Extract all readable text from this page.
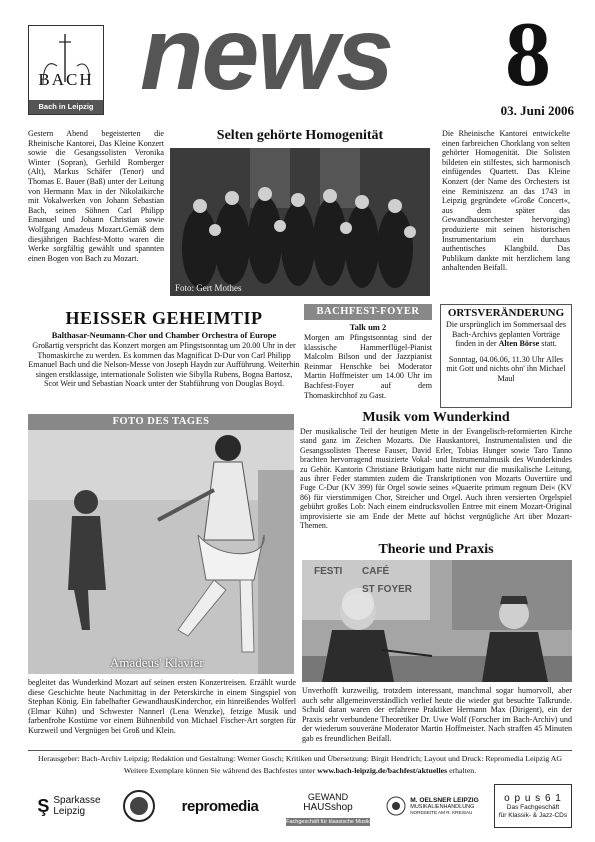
BACH
Bach in Leipzig news 8
03. Juni 2006
Gestern Abend begeisterten die Rheinische Kantorei, Das Kleine Konzert sowie die Gesangssolisten Veronika Winter (Sopran), Gerhild Romberger (Alt), Markus Schäfer (Tenor) und Thomas E. Bauer (Baß) unter der Leitung von Hermann Max in der Nikolaikirche mit Vokalwerken von Johann Sebastian Bach, seinen Söhnen Carl Philipp Emanuel und Johann Christian sowie Wolfgang Amadeus Mozart.Gemäß dem diesjährigen Bachfest-Motto waren die Werke sorgfältig gewählt und spannten einen Bogen von Bach zu Mozart.
Selten gehörte Homogenität
Foto: Gert Mothes
Die Rheinische Kantorei entwickelte einen farbreichen Chorklang von selten gehörter Homogenität. Die Solisten bildeten ein stilfestes, sich harmonisch einfügendes Quartett. Das Kleine Konzert (der Name des Orchesters ist eine Reminiszenz an das 1743 in Leipzig gegründete »Große Concert«, aus dem später das Gewandhausorchester hervorging) produzierte mit seinen historischen Instrumentarium ein durchaus authentisches Klangbild. Das Publikum dankte mit herzlichem lang anhaltenden Beifall.
HEISSER GEHEIMTIP
Balthasar-Neumann-Chor und Chamber Orchestra of Europe
Großartig verspricht das Konzert morgen am Pfingstsonntag um 20.00 Uhr in der Thomaskirche zu werden. Es kommen das Magnificat D-Dur von Carl Philipp Emanuel Bach und die Nelson-Messe von Joseph Haydn zur Aufführung. Weiterhin singen erstklassige, internationale Solisten wie Sibylla Rubens, Bogna Bartosz, Scot Weir und Sebastian Noack unter der Stabführung von Douglas Boyd.
BACHFEST-FOYER
Talk um 2
Morgen am Pfingstsonntag sind der klassische Hammerflügel-Pianist Malcolm Bilson und der Jazzpianist Reinmar Henschke bei Moderator Martin Hoffmeister um 14.00 Uhr im Bachfest-Foyer auf dem Thomaskirchhof zu Gast.
ORTSVERÄNDERUNG
Die ursprünglich im Sommersaal des Bach-Archivs geplanten Vorträge finden in der Alten Börse statt.
Sonntag, 04.06.06, 11.30 Uhr Alles mit Gott und nichts ohn' ihn Michael Maul
FOTO DES TAGES
Amadeus' Klavier
begleitet das Wunderkind Mozart auf seinen ersten Konzertreisen. Erzählt wurde diese Geschichte heute Nachmittag in der Peterskirche in einem Singspiel von Stephan König. Ein fabelhafter GewandhausKinderchor, ein hinreißendes Wolferl (Elmar Kühn) und Schwester Nannerl (Lena Wenzke), fetzige Musik und farbenfrohe Kostüme vor einem Bühnenbild von Michael Fischer-Art sorgten für Kurzweil und Vergnügen bei Groß und Klein.
Musik vom Wunderkind
Der musikalische Teil der heutigen Mette in der Evangelisch-reformierten Kirche stand ganz im Zeichen Mozarts. Die Hauskantorei, Instrumentalisten und die Gesangssolisten Therese Fauser, David Erler, Tobias Hunger sowie Taro Tanno brachten hervorragend musizierte Vokal- und Instrumentalmusik des Wunderkindes zu Gehör. Kantorin Christiane Bräutigam hatte nicht nur die musikalische Leitung, aus ihrer Feder stammten zudem die Transkriptionen von Mozarts Ouvertüre und Fuge C-Dur (KV 399) für Orgel sowie seines »Quaerite primum regnum Dei« (KV 86) für vierstimmigen Chor, Streicher und Orgel. Auch ihren versierten Orgelspiel gebührt großes Lob: Nach einem eindrucksvollen Entree mit einem Mozart-Original improvisierte sie am Ende der Mette auf höchst vergnügliche Art über Mozart-Themen.
Theorie und Praxis
FESTI CAFÉ
ST FOYER
Unverhofft kurzweilig, trotzdem interessant, manchmal sogar humorvoll, aber auch sehr allgemeinverständlich verlief heute die wieder gut besuchte Talkrunde. Schuld daran waren der erfahrene Praktiker Hermann Max (Dirigent), ein der Praxis sehr verbundene Theoretiker Dr. Uwe Wolf (Forscher im Bach-Archiv) und der wiederum souveräne Moderator Martin Hoffmeister. Nach straffen 45 Minuten gab es freundlichen Beifall.
Herausgeber: Bach-Archiv Leipzig; Redaktion und Gestaltung: Werner Gosch; Kritiken und Übersetzung: Birgit Hendrich; Layout und Druck: Repromedia Leipzig AG
Weitere Exemplare können Sie während des Bachfestes unter www.bach-leipzig.de/bachfest/aktuelles erhalten.
Ş Sparkasse
Leipzig	repromedia
GEWAND
HAUSshop
Fachgeschäft für klassische Musik
M. OELSNER LEIPZIG
MUSIKALIENHANDLUNG
NORDSEITE AM R. KREISAU
o p u s 6 1
Das Fachgeschäft
für Klassik- & Jazz-CDs
